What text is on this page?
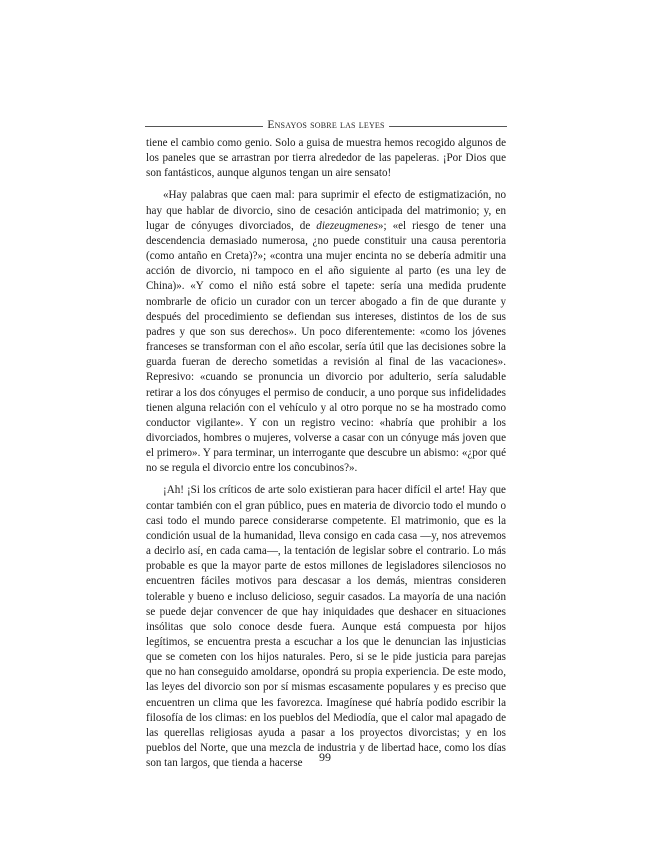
Ensayos sobre las leyes

tiene el cambio como genio. Solo a guisa de muestra hemos recogido algunos de los paneles que se arrastran por tierra alrededor de las papeleras. ¡Por Dios que son fantásticos, aunque algunos tengan un aire sensato!

«Hay palabras que caen mal: para suprimir el efecto de estigmatización, no hay que hablar de divorcio, sino de cesación anticipada del matrimonio; y, en lugar de cónyuges divorciados, de diezeugmenes»; «el riesgo de tener una descendencia demasiado numerosa, ¿no puede constituir una causa perentoria (como antaño en Creta)?»; «contra una mujer encinta no se debería admitir una acción de divorcio, ni tampoco en el año siguiente al parto (es una ley de China)». «Y como el niño está sobre el tapete: sería una medida prudente nombrarle de oficio un curador con un tercer abogado a fin de que durante y después del procedimiento se defiendan sus intereses, distintos de los de sus padres y que son sus derechos». Un poco diferentemente: «como los jóvenes franceses se transforman con el año escolar, sería útil que las decisiones sobre la guarda fueran de derecho sometidas a revisión al final de las vacaciones». Represivo: «cuando se pronuncia un divorcio por adulterio, sería saludable retirar a los dos cónyuges el permiso de conducir, a uno porque sus infidelidades tienen alguna relación con el vehículo y al otro porque no se ha mostrado como conductor vigilante». Y con un registro vecino: «habría que prohibir a los divorciados, hombres o mujeres, volverse a casar con un cónyuge más joven que el primero». Y para terminar, un interrogante que descubre un abismo: «¿por qué no se regula el divorcio entre los concubinos?».

¡Ah! ¡Si los críticos de arte solo existieran para hacer difícil el arte! Hay que contar también con el gran público, pues en materia de divorcio todo el mundo o casi todo el mundo parece considerarse competente. El matrimonio, que es la condición usual de la humanidad, lleva consigo en cada casa —y, nos atrevemos a decirlo así, en cada cama—, la tentación de legislar sobre el contrario. Lo más probable es que la mayor parte de estos millones de legisladores silenciosos no encuentren fáciles motivos para descasar a los demás, mientras consideren tolerable y bueno e incluso delicioso, seguir casados. La mayoría de una nación se puede dejar convencer de que hay iniquidades que deshacer en situaciones insólitas que solo conoce desde fuera. Aunque está compuesta por hijos legítimos, se encuentra presta a escuchar a los que le denuncian las injusticias que se cometen con los hijos naturales. Pero, si se le pide justicia para parejas que no han conseguido amoldarse, opondrá su propia experiencia. De este modo, las leyes del divorcio son por sí mismas escasamente populares y es preciso que encuentren un clima que les favorezca. Imagínese qué habría podido escribir la filosofía de los climas: en los pueblos del Mediodía, que el calor mal apagado de las querellas religiosas ayuda a pasar a los proyectos divorcistas; y en los pueblos del Norte, que una mezcla de industria y de libertad hace, como los días son tan largos, que tienda a hacerse	99
